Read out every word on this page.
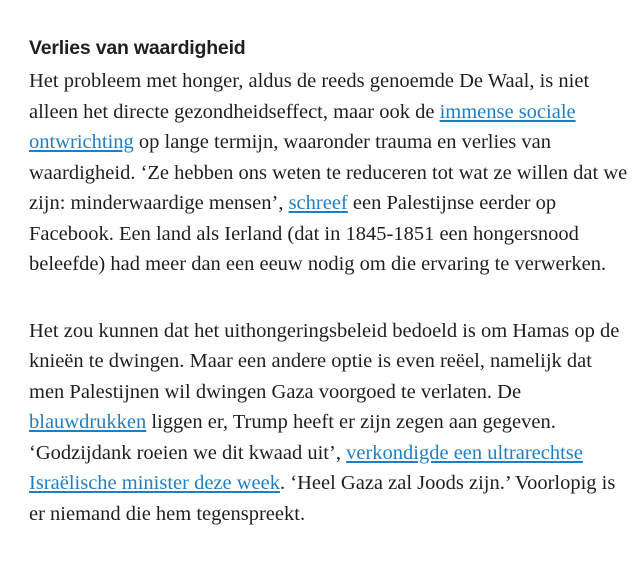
Verlies van waardigheid

Het probleem met honger, aldus de reeds genoemde De Waal, is niet alleen het directe gezondheidseffect, maar ook de immense sociale ontwrichting op lange termijn, waaronder trauma en verlies van waardigheid. ‘Ze hebben ons weten te reduceren tot wat ze willen dat we zijn: minderwaardige mensen’, schreef een Palestijnse eerder op Facebook. Een land als Ierland (dat in 1845-1851 een hongersnood beleefde) had meer dan een eeuw nodig om die ervaring te verwerken.

Het zou kunnen dat het uithongeringsbeleid bedoeld is om Hamas op de knieën te dwingen. Maar een andere optie is even reëel, namelijk dat men Palestijnen wil dwingen Gaza voorgoed te verlaten. De blauwdrukken liggen er, Trump heeft er zijn zegen aan gegeven. ‘Godzijdank roeien we dit kwaad uit’, verkondigde een ultrarechtse Israëlische minister deze week. ‘Heel Gaza zal Joods zijn.’ Voorlopig is er niemand die hem tegenspreekt.
